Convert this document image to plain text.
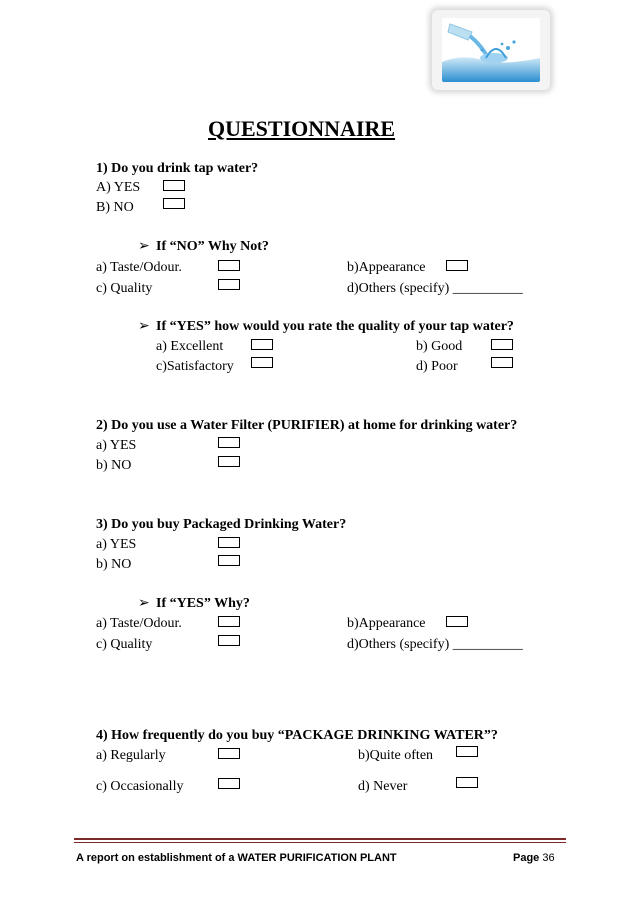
QUESTIONNAIRE
1) Do you drink tap water?
A) YES
B) NO
➢ If “NO” Why Not?
a) Taste/Odour.	b)Appearance
c) Quality	d)Others (specify) __________
➢ If “YES” how would you rate the quality of your tap water?
a) Excellent	b) Good
c)Satisfactory	d) Poor
2) Do you use a Water Filter (PURIFIER) at home for drinking water?
a) YES
b) NO
3) Do you buy Packaged Drinking Water?
a) YES
b) NO
➢ If “YES” Why?
a) Taste/Odour.	b)Appearance
c) Quality	d)Others (specify) __________
4) How frequently do you buy “PACKAGE DRINKING WATER”?
a) Regularly	b)Quite often
c) Occasionally	d) Never
A report on establishment of a WATER PURIFICATION PLANT	Page 36
